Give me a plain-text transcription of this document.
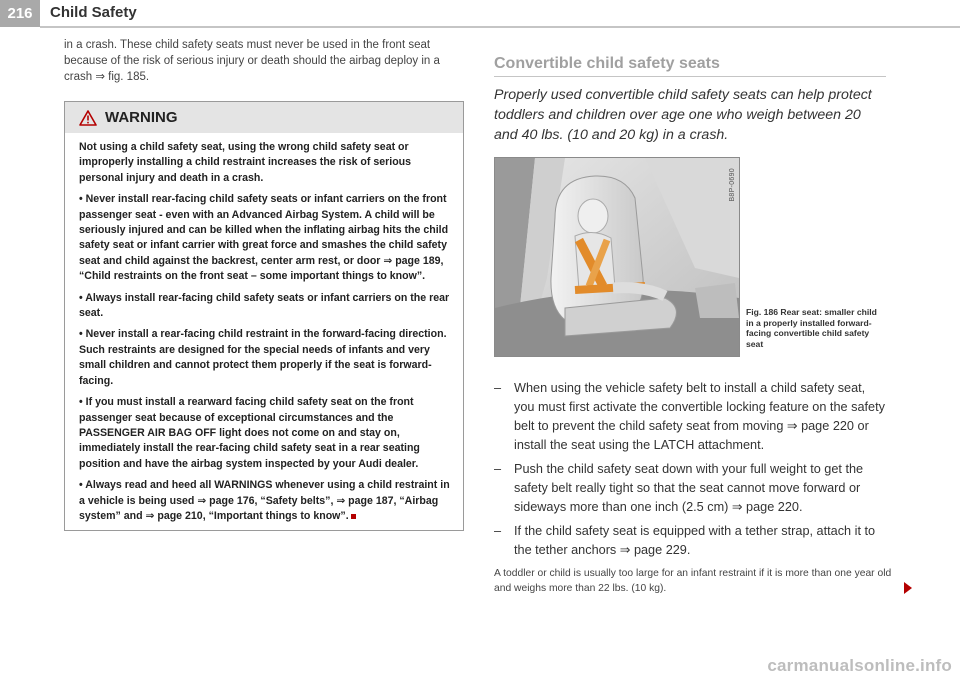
216	Child Safety

in a crash. These child safety seats must never be used in the front seat because of the risk of serious injury or death should the airbag deploy in a crash ⇒ fig. 185.

WARNING

Not using a child safety seat, using the wrong child safety seat or improperly installing a child restraint increases the risk of serious personal injury and death in a crash.

• Never install rear-facing child safety seats or infant carriers on the front passenger seat - even with an Advanced Airbag System. A child will be seriously injured and can be killed when the inflating airbag hits the child safety seat or infant carrier with great force and smashes the child safety seat and child against the backrest, center arm rest, or door ⇒ page 189, “Child restraints on the front seat – some important things to know”.

• Always install rear-facing child safety seats or infant carriers on the rear seat.

• Never install a rear-facing child restraint in the forward-facing direction. Such restraints are designed for the special needs of infants and very small children and cannot protect them properly if the seat is forward-facing.

• If you must install a rearward facing child safety seat on the front passenger seat because of exceptional circumstances and the PASSENGER AIR BAG OFF light does not come on and stay on, immediately install the rear-facing child safety seat in a rear seating position and have the airbag system inspected by your Audi dealer.

• Always read and heed all WARNINGS whenever using a child restraint in a vehicle is being used ⇒ page 176, “Safety belts”, ⇒ page 187, “Airbag system” and ⇒ page 210, “Important things to know”.

Convertible child safety seats
Properly used convertible child safety seats can help protect toddlers and children over age one who weigh between 20 and 40 lbs. (10 and 20 kg) in a crash.
B8P-0690
Fig. 186 Rear seat: smaller child in a properly installed forward-facing convertible child safety seat
– When using the vehicle safety belt to install a child safety seat, you must first activate the convertible locking feature on the safety belt to prevent the child safety seat from moving ⇒ page 220 or install the seat using the LATCH attachment.
– Push the child safety seat down with your full weight to get the safety belt really tight so that the seat cannot move forward or sideways more than one inch (2.5 cm) ⇒ page 220.
– If the child safety seat is equipped with a tether strap, attach it to the tether anchors ⇒ page 229.
A toddler or child is usually too large for an infant restraint if it is more than one year old and weighs more than 22 lbs. (10 kg).
carmanualsonline.info
